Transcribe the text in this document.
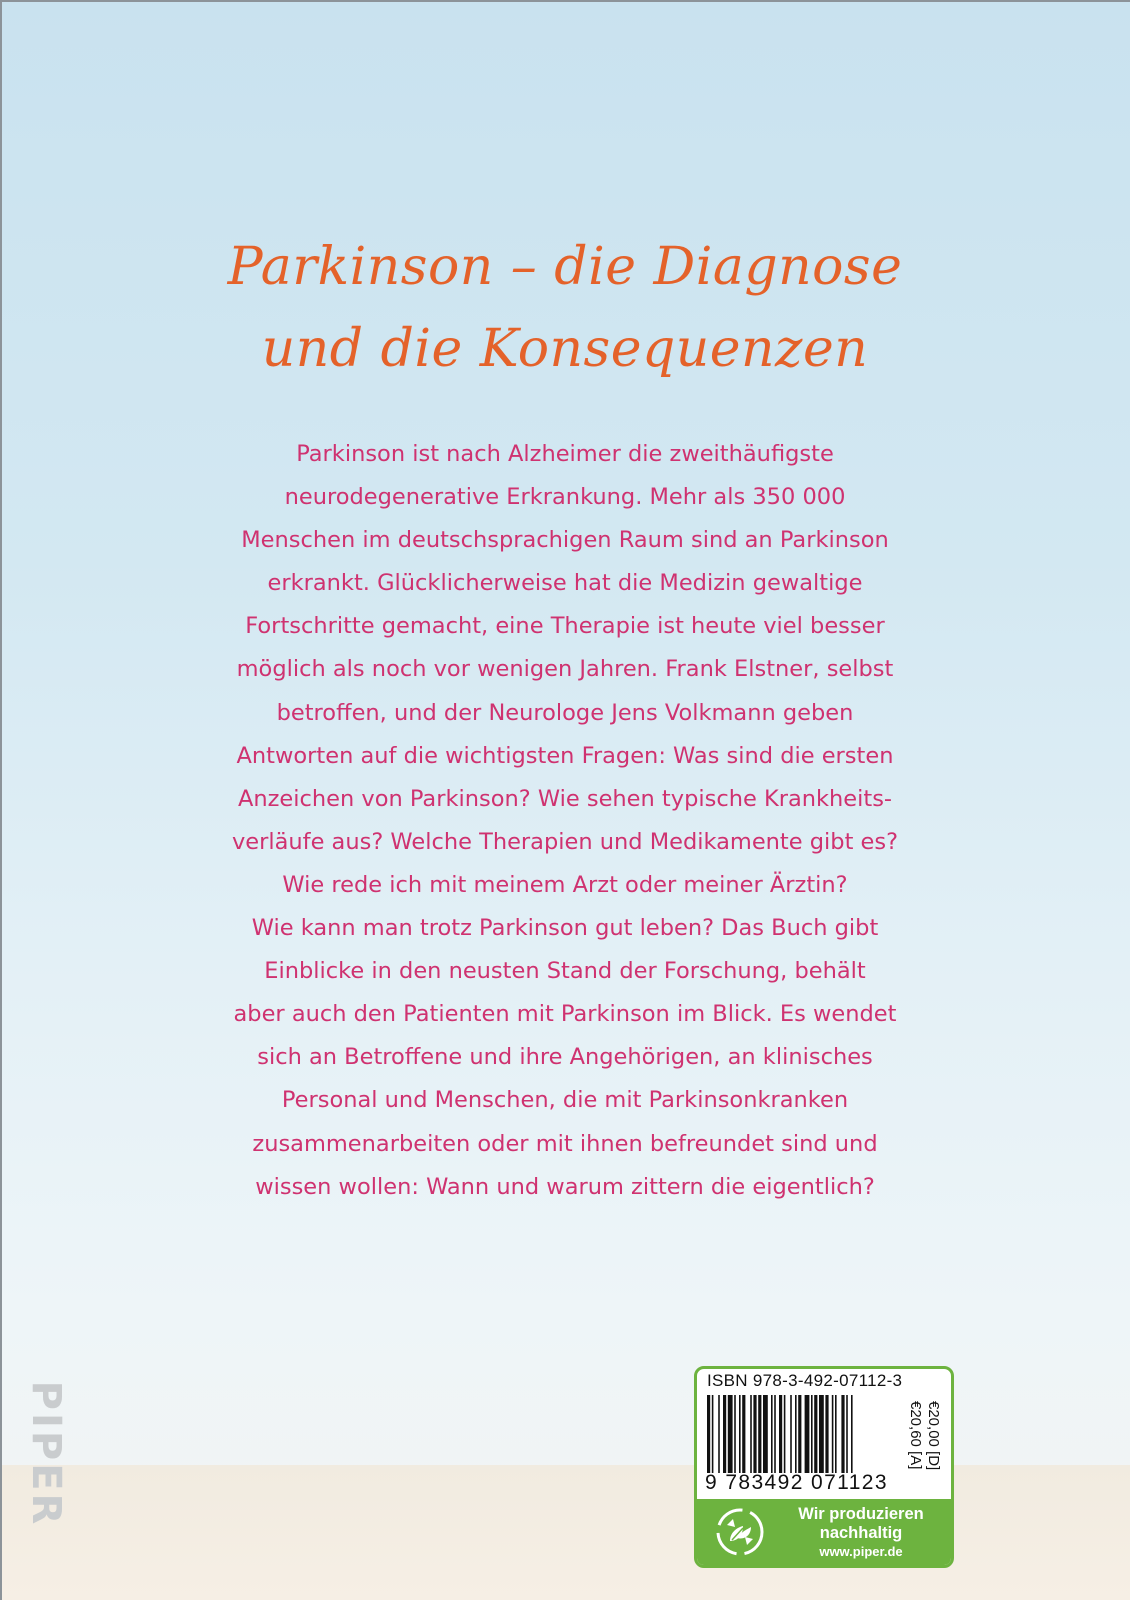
Parkinson – die Diagnose
und die Konsequenzen
Parkinson ist nach Alzheimer die zweithäufigste
neurodegenerative Erkrankung. Mehr als 350 000
Menschen im deutschsprachigen Raum sind an Parkinson
erkrankt. Glücklicherweise hat die Medizin gewaltige
Fortschritte gemacht, eine Therapie ist heute viel besser
möglich als noch vor wenigen Jahren. Frank Elstner, selbst
betroffen, und der Neurologe Jens Volkmann geben
Antworten auf die wichtigsten Fragen: Was sind die ersten
Anzeichen von Parkinson? Wie sehen typische Krankheits-
verläufe aus? Welche Therapien und Medikamente gibt es?
Wie rede ich mit meinem Arzt oder meiner Ärztin?
Wie kann man trotz Parkinson gut leben? Das Buch gibt
Einblicke in den neusten Stand der Forschung, behält
aber auch den Patienten mit Parkinson im Blick. Es wendet
sich an Betroffene und ihre Angehörigen, an klinisches
Personal und Menschen, die mit Parkinsonkranken
zusammenarbeiten oder mit ihnen befreundet sind und
wissen wollen: Wann und warum zittern die eigentlich?
PIPER
ISBN 978-3-492-07112-3
9 783492 071123
€20,00 [D]
€20,60 [A]
Wir produzieren
nachhaltig
www.piper.de
